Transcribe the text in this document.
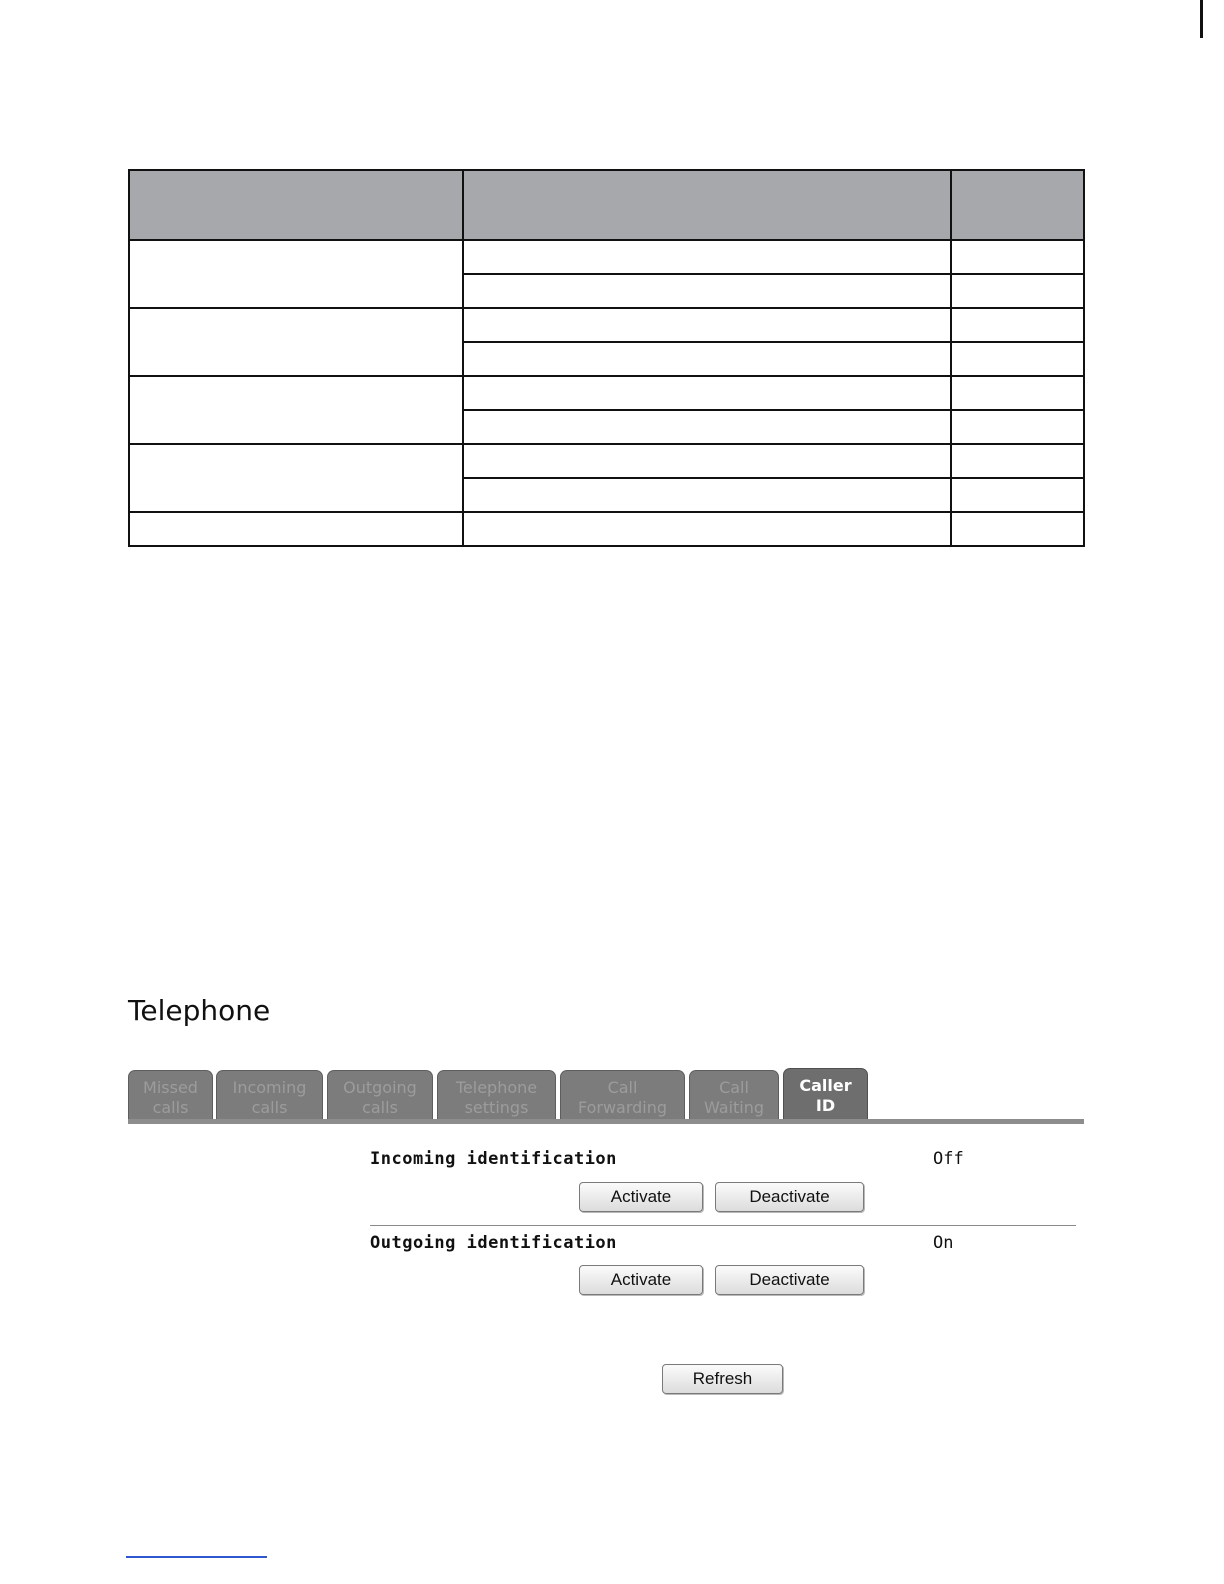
Telephone
Missed
calls
Incoming
calls
Outgoing
calls
Telephone
settings
Call
Forwarding
Call
Waiting
Caller
ID
Incoming identification	Off
Activate	Deactivate
Outgoing identification	On
Activate	Deactivate
Refresh
